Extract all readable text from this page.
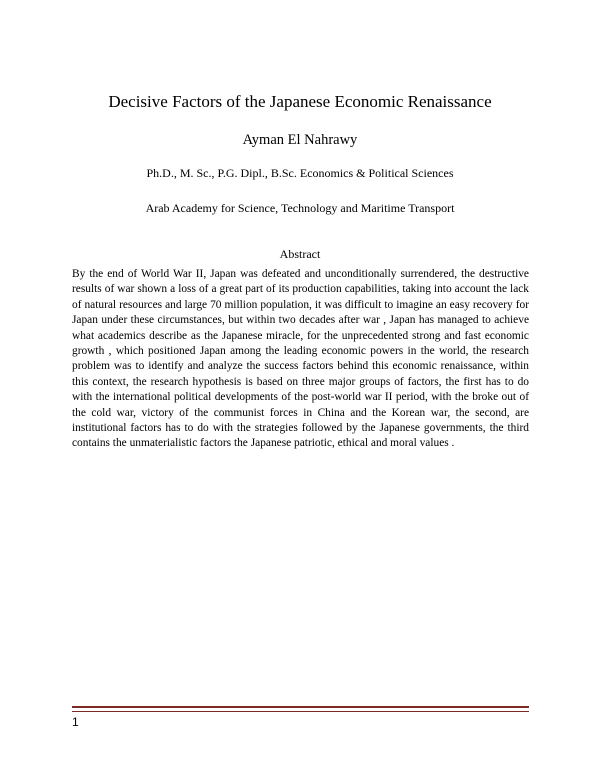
Decisive Factors of the Japanese Economic Renaissance
Ayman El Nahrawy
Ph.D., M. Sc., P.G. Dipl., B.Sc. Economics & Political Sciences
Arab Academy for Science, Technology and Maritime Transport
Abstract

By the end of World War II, Japan was defeated and unconditionally surrendered, the destructive results of war shown a loss of a great part of its production capabilities, taking into account the lack of natural resources and large 70 million population, it was difficult to imagine an easy recovery for Japan under these circumstances, but within two decades after war , Japan has managed to achieve what academics describe as the Japanese miracle, for the unprecedented strong and fast economic growth , which positioned Japan among the leading economic powers in the world, the research problem was to identify and analyze the success factors behind this economic renaissance, within this context, the research hypothesis is based on three major groups of factors, the first has to do with the international political developments of the post-world war II period, with the broke out of the cold war, victory of the communist forces in China and the Korean war, the second, are institutional factors has to do with the strategies followed by the Japanese governments, the third contains the unmaterialistic factors the Japanese patriotic, ethical and moral values .

1
